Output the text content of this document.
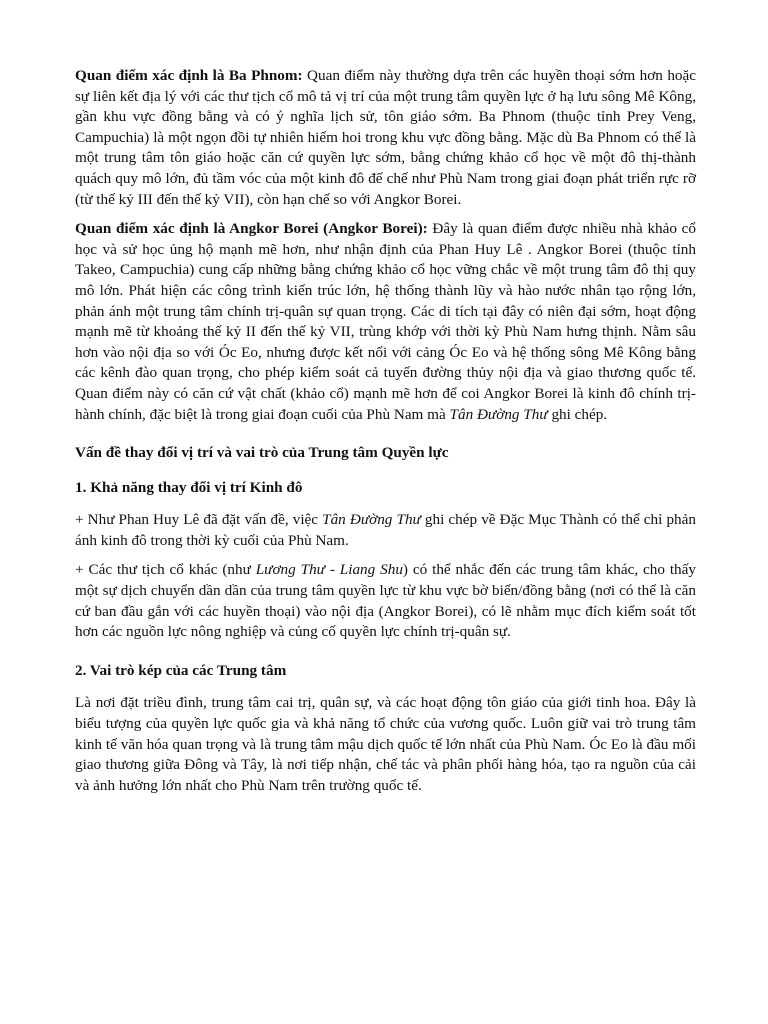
Quan điểm xác định là Ba Phnom: Quan điểm này thường dựa trên các huyền thoại sớm hơn hoặc sự liên kết địa lý với các thư tịch cổ mô tả vị trí của một trung tâm quyền lực ở hạ lưu sông Mê Kông, gần khu vực đồng bằng và có ý nghĩa lịch sử, tôn giáo sớm. Ba Phnom (thuộc tỉnh Prey Veng, Campuchia) là một ngọn đồi tự nhiên hiếm hoi trong khu vực đồng bằng. Mặc dù Ba Phnom có thể là một trung tâm tôn giáo hoặc căn cứ quyền lực sớm, bằng chứng khảo cổ học về một đô thị-thành quách quy mô lớn, đủ tầm vóc của một kinh đô đế chế như Phù Nam trong giai đoạn phát triển rực rỡ (từ thế kỷ III đến thế kỷ VII), còn hạn chế so với Angkor Borei.

Quan điểm xác định là Angkor Borei (Angkor Borei): Đây là quan điểm được nhiều nhà khảo cổ học và sử học ủng hộ mạnh mẽ hơn, như nhận định của Phan Huy Lê . Angkor Borei (thuộc tỉnh Takeo, Campuchia) cung cấp những bằng chứng khảo cổ học vững chắc về một trung tâm đô thị quy mô lớn. Phát hiện các công trình kiến trúc lớn, hệ thống thành lũy và hào nước nhân tạo rộng lớn, phản ánh một trung tâm chính trị-quân sự quan trọng. Các di tích tại đây có niên đại sớm, hoạt động mạnh mẽ từ khoảng thế kỷ II đến thế kỷ VII, trùng khớp với thời kỳ Phù Nam hưng thịnh. Nằm sâu hơn vào nội địa so với Óc Eo, nhưng được kết nối với cảng Óc Eo và hệ thống sông Mê Kông bằng các kênh đào quan trọng, cho phép kiểm soát cả tuyến đường thủy nội địa và giao thương quốc tế. Quan điểm này có căn cứ vật chất (khảo cổ) mạnh mẽ hơn để coi Angkor Borei là kinh đô chính trị-hành chính, đặc biệt là trong giai đoạn cuối của Phù Nam mà Tân Đường Thư ghi chép.

Vấn đề thay đổi vị trí và vai trò của Trung tâm Quyền lực

1. Khả năng thay đổi vị trí Kinh đô

+ Như Phan Huy Lê đã đặt vấn đề, việc Tân Đường Thư ghi chép về Đặc Mục Thành có thể chỉ phản ánh kinh đô trong thời kỳ cuối của Phù Nam.

+ Các thư tịch cổ khác (như Lương Thư - Liang Shu) có thể nhắc đến các trung tâm khác, cho thấy một sự dịch chuyển dần dần của trung tâm quyền lực từ khu vực bờ biển/đồng bằng (nơi có thể là căn cứ ban đầu gắn với các huyền thoại) vào nội địa (Angkor Borei), có lẽ nhằm mục đích kiểm soát tốt hơn các nguồn lực nông nghiệp và củng cố quyền lực chính trị-quân sự.

2. Vai trò kép của các Trung tâm

Là nơi đặt triều đình, trung tâm cai trị, quân sự, và các hoạt động tôn giáo của giới tinh hoa. Đây là biểu tượng của quyền lực quốc gia và khả năng tổ chức của vương quốc. Luôn giữ vai trò trung tâm kinh tế văn hóa quan trọng và là trung tâm mậu dịch quốc tế lớn nhất của Phù Nam. Óc Eo là đầu mối giao thương giữa Đông và Tây, là nơi tiếp nhận, chế tác và phân phối hàng hóa, tạo ra nguồn của cải và ảnh hưởng lớn nhất cho Phù Nam trên trường quốc tế.
